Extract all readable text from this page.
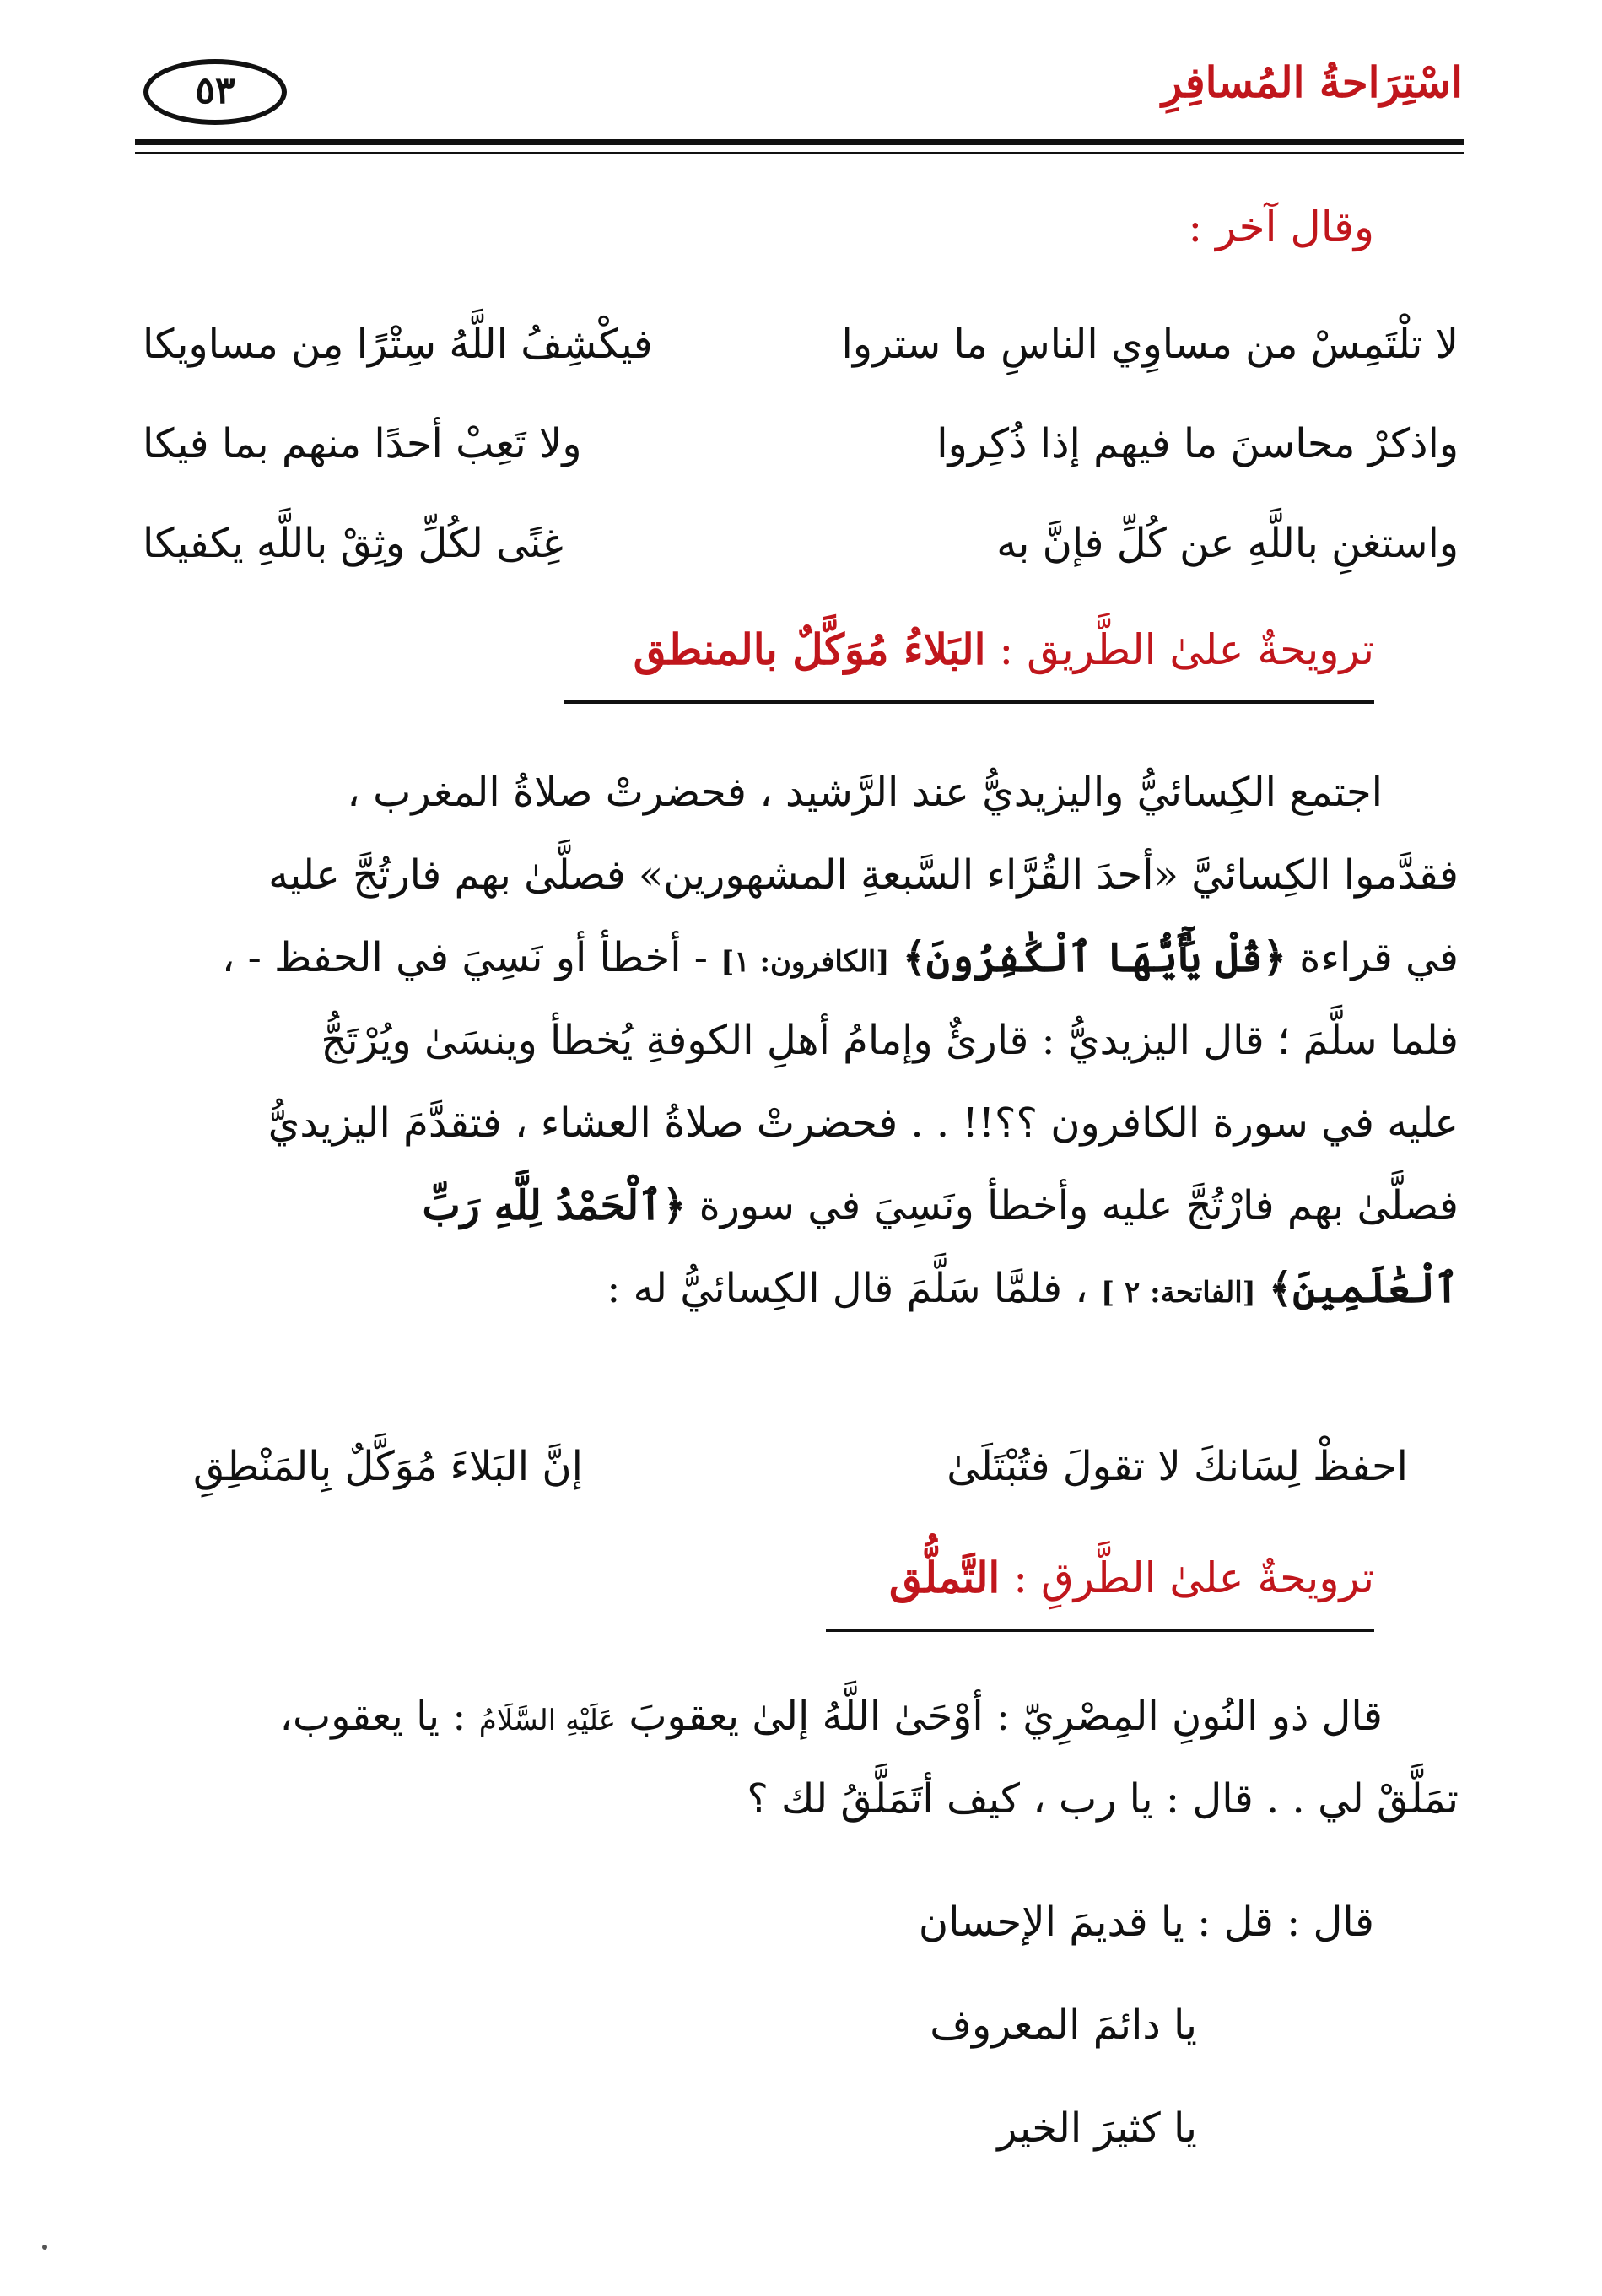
اسْتِرَاحةُ المُسافِرِ
٥٣
وقال آخر :
لا تلْتَمِسْ من مساوِي الناسِ ما ستروا
فيكْشِفُ اللَّهُ سِتْرًا مِن مساويكا
واذكرْ محاسنَ ما فيهم إذا ذُكِروا
ولا تَعِبْ أحدًا منهم بما فيكا
واستغنِ باللَّهِ عن كُلِّ فإنَّ به
غِنًى لكُلِّ وثِقْ باللَّهِ يكفيكا
ترويحةٌ علىٰ الطَّريق : البَلاءُ مُوَكَّلٌ بالمنطق
اجتمع الكِسائيُّ واليزيديُّ عند الرَّشيد ، فحضرتْ صلاةُ المغرب ،
فقدَّموا الكِسائيَّ «أحدَ القُرَّاء السَّبعةِ المشهورين» فصلَّىٰ بهم فارتُجَّ عليه
في قراءة ﴿قُلْ يَٰٓأَيُّهَا ٱلْكَٰفِرُونَ﴾ [الكافرون: ١] - أخطأ أو نَسِيَ في الحفظ - ،
فلما سلَّمَ ؛ قال اليزيديُّ : قارئٌ وإمامُ أهلِ الكوفةِ يُخطأ وينسَىٰ ويُرْتَجُّ
عليه في سورة الكافرون ؟؟!! . . فحضرتْ صلاةُ العشاء ، فتقدَّمَ اليزيديُّ
فصلَّىٰ بهم فارْتُجَّ عليه وأخطأ ونَسِيَ في سورة ﴿ٱلْحَمْدُ لِلَّهِ رَبِّ
ٱلْعَٰلَمِينَ﴾ [الفاتحة: ٢ ] ، فلمَّا سَلَّمَ قال الكِسائيُّ له :
احفظْ لِسَانكَ لا تقولَ فتُبْتَلَىٰ
إنَّ البَلاءَ مُوَكَّلٌ بِالمَنْطِقِ
ترويحةٌ علىٰ الطَّرقِ : التَّملُّق
قال ذو النُونِ المِصْرِيّ : أوْحَىٰ اللَّهُ إلىٰ يعقوبَ عَلَيْهِ السَّلَامُ : يا يعقوب،
تمَلَّقْ لي . . قال : يا رب ، كيف أتَمَلَّقُ لك ؟
قال : قل : يا قديمَ الإحسان
يا دائمَ المعروف
يا كثيرَ الخير
